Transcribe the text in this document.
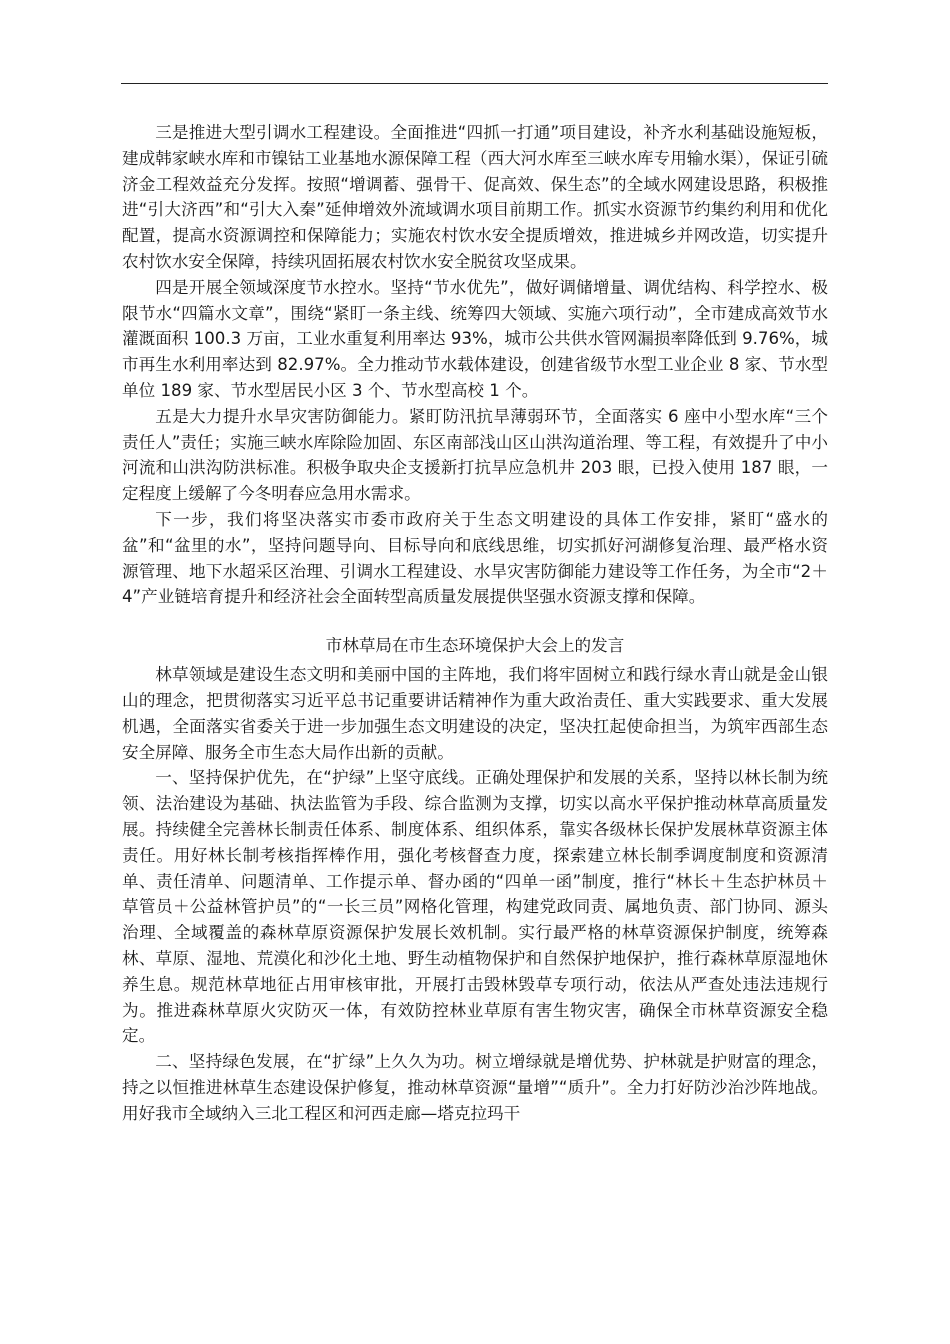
三是推进大型引调水工程建设。全面推进“四抓一打通”项目建设，补齐水利基础设施短板，建成韩家峡水库和市镍钴工业基地水源保障工程（西大河水库至三峡水库专用输水渠），保证引硫济金工程效益充分发挥。按照“增调蓄、强骨干、促高效、保生态”的全域水网建设思路，积极推进“引大济西”和“引大入秦”延伸增效外流域调水项目前期工作。抓实水资源节约集约利用和优化配置，提高水资源调控和保障能力；实施农村饮水安全提质增效，推进城乡并网改造，切实提升农村饮水安全保障，持续巩固拓展农村饮水安全脱贫攻坚成果。

四是开展全领域深度节水控水。坚持“节水优先”，做好调储增量、调优结构、科学控水、极限节水“四篇水文章”，围绕“紧盯一条主线、统筹四大领域、实施六项行动”，全市建成高效节水灌溉面积 100.3 万亩，工业水重复利用率达 93%，城市公共供水管网漏损率降低到 9.76%，城市再生水利用率达到 82.97%。全力推动节水载体建设，创建省级节水型工业企业 8 家、节水型单位 189 家、节水型居民小区 3 个、节水型高校 1 个。

五是大力提升水旱灾害防御能力。紧盯防汛抗旱薄弱环节，全面落实 6 座中小型水库“三个责任人”责任；实施三峡水库除险加固、东区南部浅山区山洪沟道治理、等工程，有效提升了中小河流和山洪沟防洪标准。积极争取央企支援新打抗旱应急机井 203 眼，已投入使用 187 眼，一定程度上缓解了今冬明春应急用水需求。

下一步，我们将坚决落实市委市政府关于生态文明建设的具体工作安排，紧盯“盛水的盆”和“盆里的水”，坚持问题导向、目标导向和底线思维，切实抓好河湖修复治理、最严格水资源管理、地下水超采区治理、引调水工程建设、水旱灾害防御能力建设等工作任务，为全市“2＋4”产业链培育提升和经济社会全面转型高质量发展提供坚强水资源支撑和保障。

市林草局在市生态环境保护大会上的发言

林草领域是建设生态文明和美丽中国的主阵地，我们将牢固树立和践行绿水青山就是金山银山的理念，把贯彻落实习近平总书记重要讲话精神作为重大政治责任、重大实践要求、重大发展机遇，全面落实省委关于进一步加强生态文明建设的决定，坚决扛起使命担当，为筑牢西部生态安全屏障、服务全市生态大局作出新的贡献。

一、坚持保护优先，在“护绿”上坚守底线。正确处理保护和发展的关系，坚持以林长制为统领、法治建设为基础、执法监管为手段、综合监测为支撑，切实以高水平保护推动林草高质量发展。持续健全完善林长制责任体系、制度体系、组织体系，靠实各级林长保护发展林草资源主体责任。用好林长制考核指挥棒作用，强化考核督查力度，探索建立林长制季调度制度和资源清单、责任清单、问题清单、工作提示单、督办函的“四单一函”制度，推行“林长＋生态护林员＋草管员＋公益林管护员”的“一长三员”网格化管理，构建党政同责、属地负责、部门协同、源头治理、全域覆盖的森林草原资源保护发展长效机制。实行最严格的林草资源保护制度，统筹森林、草原、湿地、荒漠化和沙化土地、野生动植物保护和自然保护地保护，推行森林草原湿地休养生息。规范林草地征占用审核审批，开展打击毁林毁草专项行动，依法从严查处违法违规行为。推进森林草原火灾防灭一体，有效防控林业草原有害生物灾害，确保全市林草资源安全稳定。

二、坚持绿色发展，在“扩绿”上久久为功。树立增绿就是增优势、护林就是护财富的理念，持之以恒推进林草生态建设保护修复，推动林草资源“量增”“质升”。全力打好防沙治沙阵地战。用好我市全域纳入三北工程区和河西走廊—塔克拉玛干
